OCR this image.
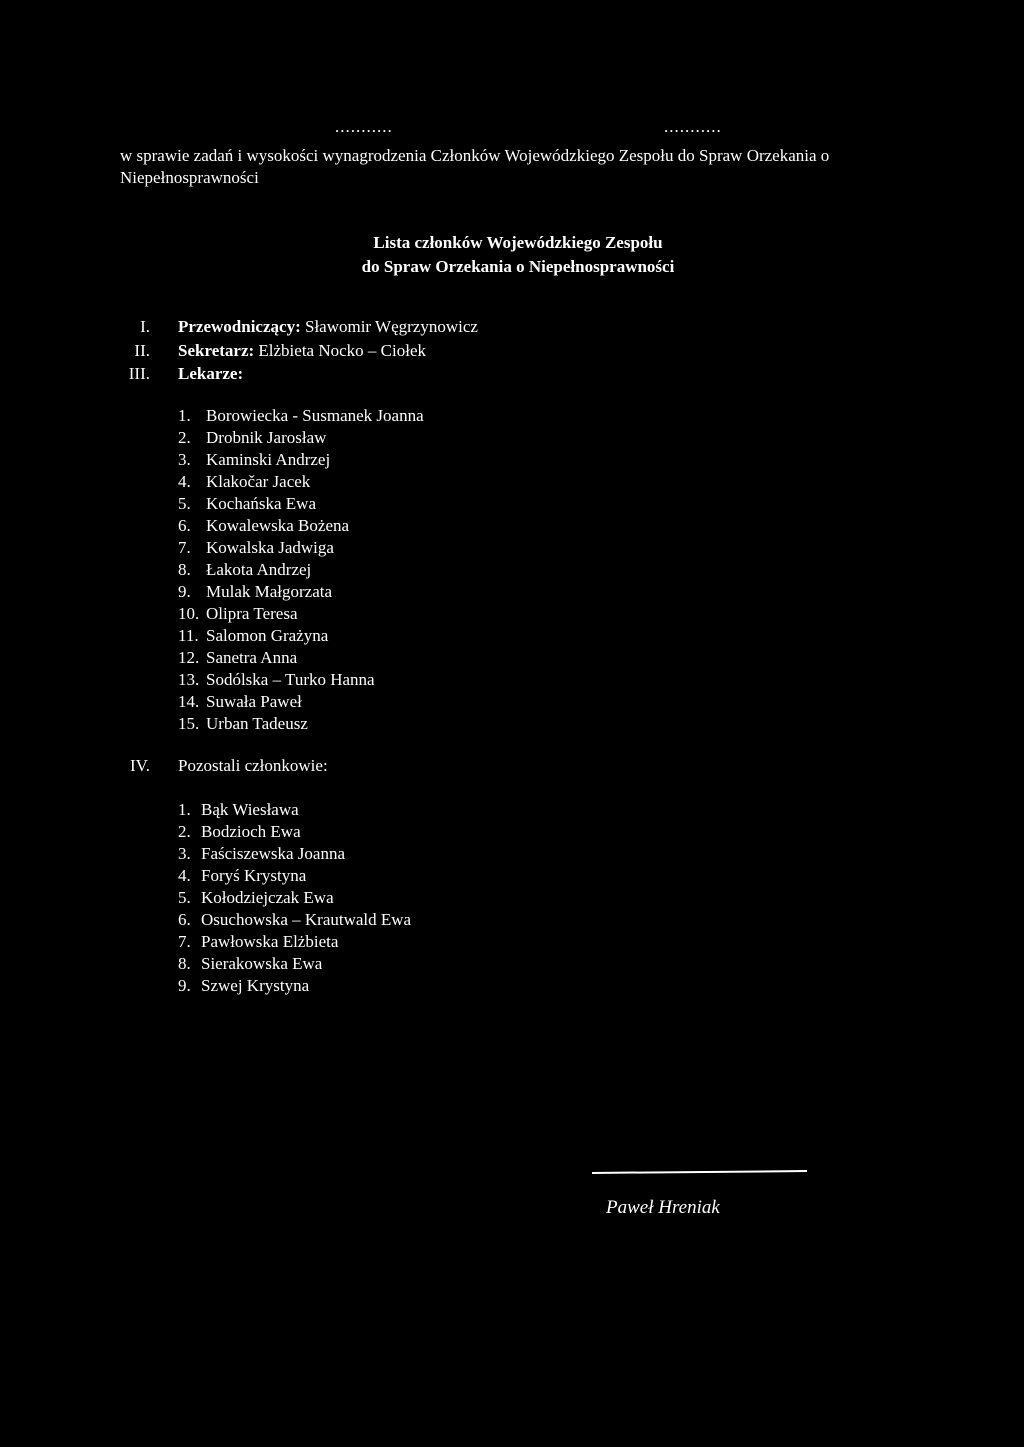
...........	...........
w sprawie zadań i wysokości wynagrodzenia Członków Wojewódzkiego Zespołu do Spraw Orzekania o Niepełnosprawności
Lista członków Wojewódzkiego Zespołu
do Spraw Orzekania o Niepełnosprawności
I. Przewodniczący: Sławomir Węgrzynowicz
II. Sekretarz: Elżbieta Nocko – Ciołek
III. Lekarze:
1. Borowiecka - Susmanek Joanna
2. Drobnik Jarosław
3. Kaminski Andrzej
4. Klakočar Jacek
5. Kochańska Ewa
6. Kowalewska Bożena
7. Kowalska Jadwiga
8. Łakota Andrzej
9. Mulak Małgorzata
10. Olipra Teresa
11. Salomon Grażyna
12. Sanetra Anna
13. Sodólska – Turko Hanna
14. Suwała Paweł
15. Urban Tadeusz
IV. Pozostali członkowie:
1. Bąk Wiesława
2. Bodzioch Ewa
3. Faściszewska Joanna
4. Foryś Krystyna
5. Kołodziejczak Ewa
6. Osuchowska – Krautwald Ewa
7. Pawłowska Elżbieta
8. Sierakowska Ewa
9. Szwej Krystyna
Paweł Hreniak
